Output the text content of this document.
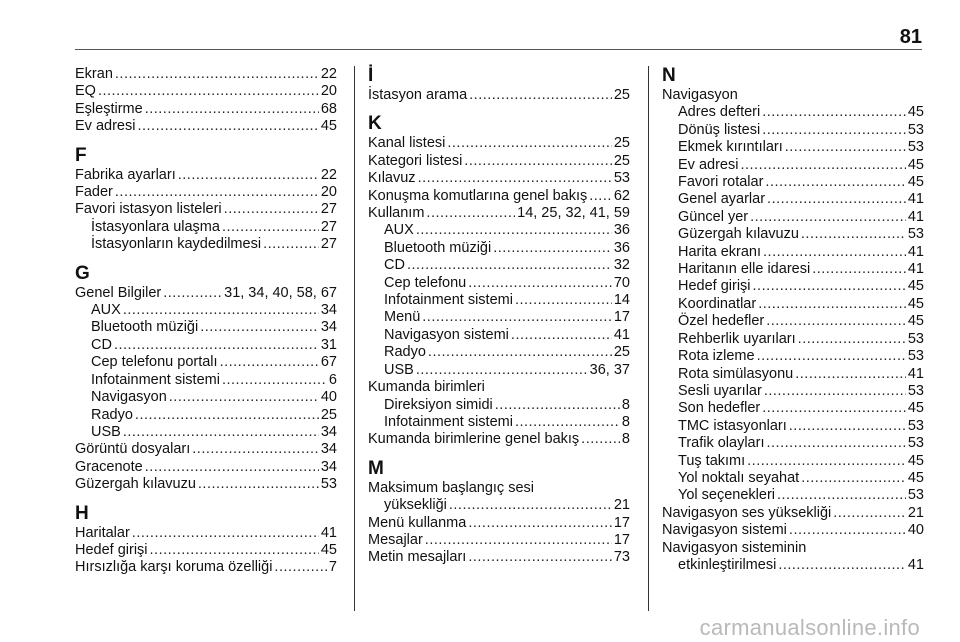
81
Ekran .....	22
EQ .....	20
Eşleştirme .....	68
Ev adresi .....	45
F
Fabrika ayarları .....	22
Fader .....	20
Favori istasyon listeleri .....	27
İstasyonlara ulaşma .....	27
İstasyonların kaydedilmesi .....	27
G
Genel Bilgiler .....	31, 34, 40, 58, 67
AUX .....	34
Bluetooth müziği .....	34
CD .....	31
Cep telefonu portalı .....	67
Infotainment sistemi .....	6
Navigasyon .....	40
Radyo .....	25
USB .....	34
Görüntü dosyaları .....	34
Gracenote .....	34
Güzergah kılavuzu .....	53
H
Haritalar .....	41
Hedef girişi .....	45
Hırsızlığa karşı koruma özelliği .....	7
İ
İstasyon arama .....	25
K
Kanal listesi .....	25
Kategori listesi .....	25
Kılavuz .....	53
Konuşma komutlarına genel bakış ..... 62
Kullanım .....	14, 25, 32, 41, 59
AUX .....	36
Bluetooth müziği .....	36
CD .....	32
Cep telefonu .....	70
Infotainment sistemi .....	14
Menü .....	17
Navigasyon sistemi .....	41
Radyo .....	25
USB .....	36, 37
Kumanda birimleri
Direksiyon simidi .....	8
Infotainment sistemi .....	8
Kumanda birimlerine genel bakış .....	8
M
Maksimum başlangıç sesi
yüksekliği .....	21
Menü kullanma .....	17
Mesajlar .....	17
Metin mesajları .....	73
N
Navigasyon
Adres defteri .....	45
Dönüş listesi .....	53
Ekmek kırıntıları .....	53
Ev adresi .....	45
Favori rotalar .....	45
Genel ayarlar .....	41
Güncel yer .....	41
Güzergah kılavuzu .....	53
Harita ekranı .....	41
Haritanın elle idaresi .....	41
Hedef girişi .....	45
Koordinatlar .....	45
Özel hedefler .....	45
Rehberlik uyarıları .....	53
Rota izleme .....	53
Rota simülasyonu .....	41
Sesli uyarılar .....	53
Son hedefler .....	45
TMC istasyonları .....	53
Trafik olayları .....	53
Tuş takımı .....	45
Yol noktalı seyahat .....	45
Yol seçenekleri .....	53
Navigasyon ses yüksekliği .....	21
Navigasyon sistemi .....	40
Navigasyon sisteminin
etkinleştirilmesi .....	41
carmanualsonline.info
